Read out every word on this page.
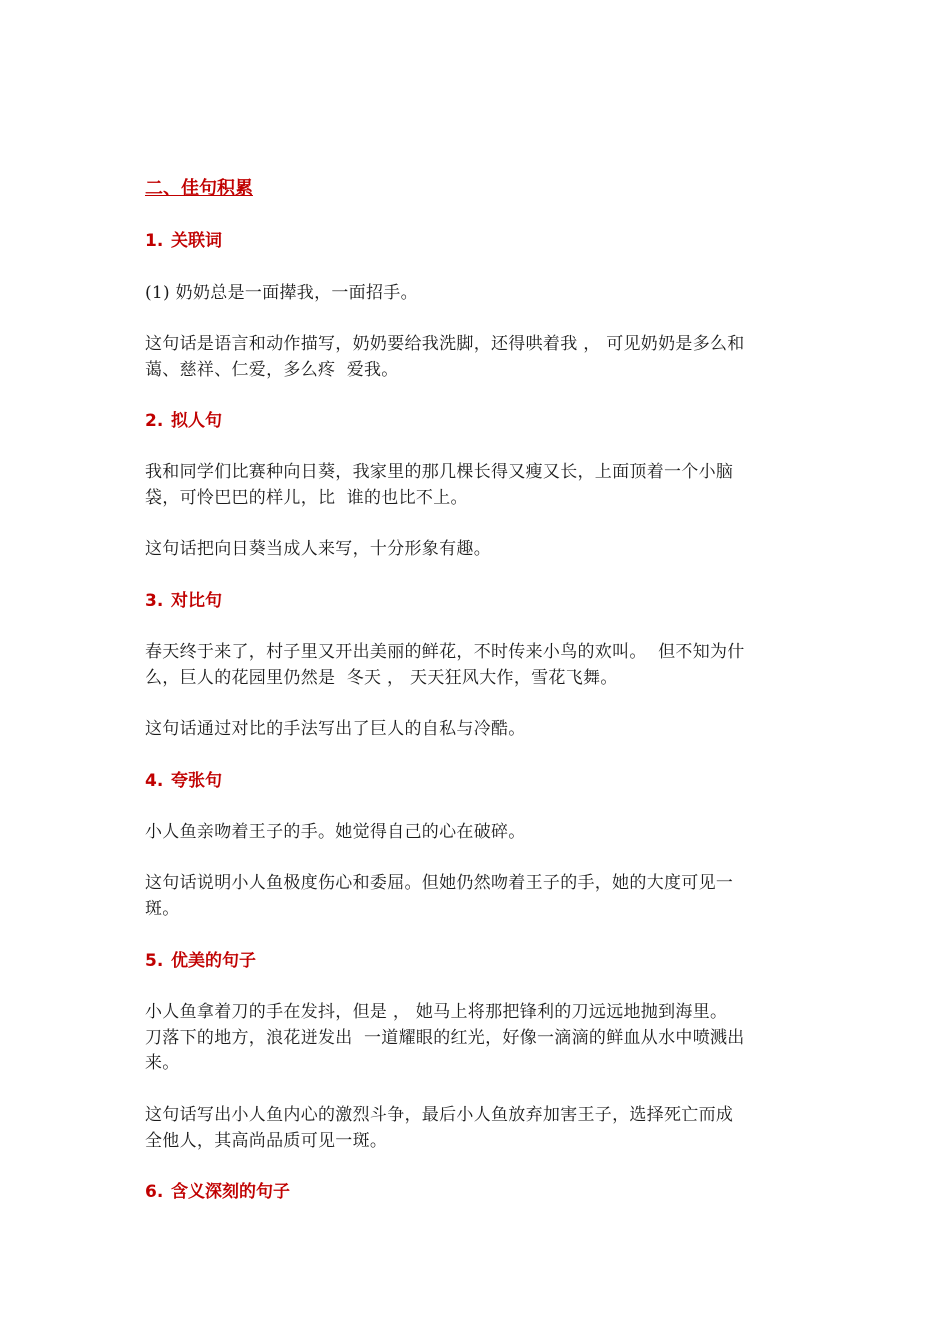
二、佳句积累
1. 关联词

(1) 奶奶总是一面撵我，一面招手。

这句话是语言和动作描写，奶奶要给我洗脚，还得哄着我 ， 可见奶奶是多么和
蔼、慈祥、仁爱，多么疼  爱我。

2. 拟人句

我和同学们比赛种向日葵，我家里的那几棵长得又瘦又长，上面顶着一个小脑
袋，可怜巴巴的样儿，比  谁的也比不上。

这句话把向日葵当成人来写，十分形象有趣。

3. 对比句

春天终于来了，村子里又开出美丽的鲜花，不时传来小鸟的欢叫。  但不知为什
么，巨人的花园里仍然是  冬天 ， 天天狂风大作，雪花飞舞。

这句话通过对比的手法写出了巨人的自私与冷酷。

4. 夸张句

小人鱼亲吻着王子的手。她觉得自己的心在破碎。

这句话说明小人鱼极度伤心和委屈。但她仍然吻着王子的手，她的大度可见一
斑。

5. 优美的句子

小人鱼拿着刀的手在发抖，但是 ， 她马上将那把锋利的刀远远地抛到海里。
刀落下的地方，浪花迸发出  一道耀眼的红光，好像一滴滴的鲜血从水中喷溅出
来。

这句话写出小人鱼内心的激烈斗争，最后小人鱼放弃加害王子，选择死亡而成
全他人，其高尚品质可见一斑。

6. 含义深刻的句子
